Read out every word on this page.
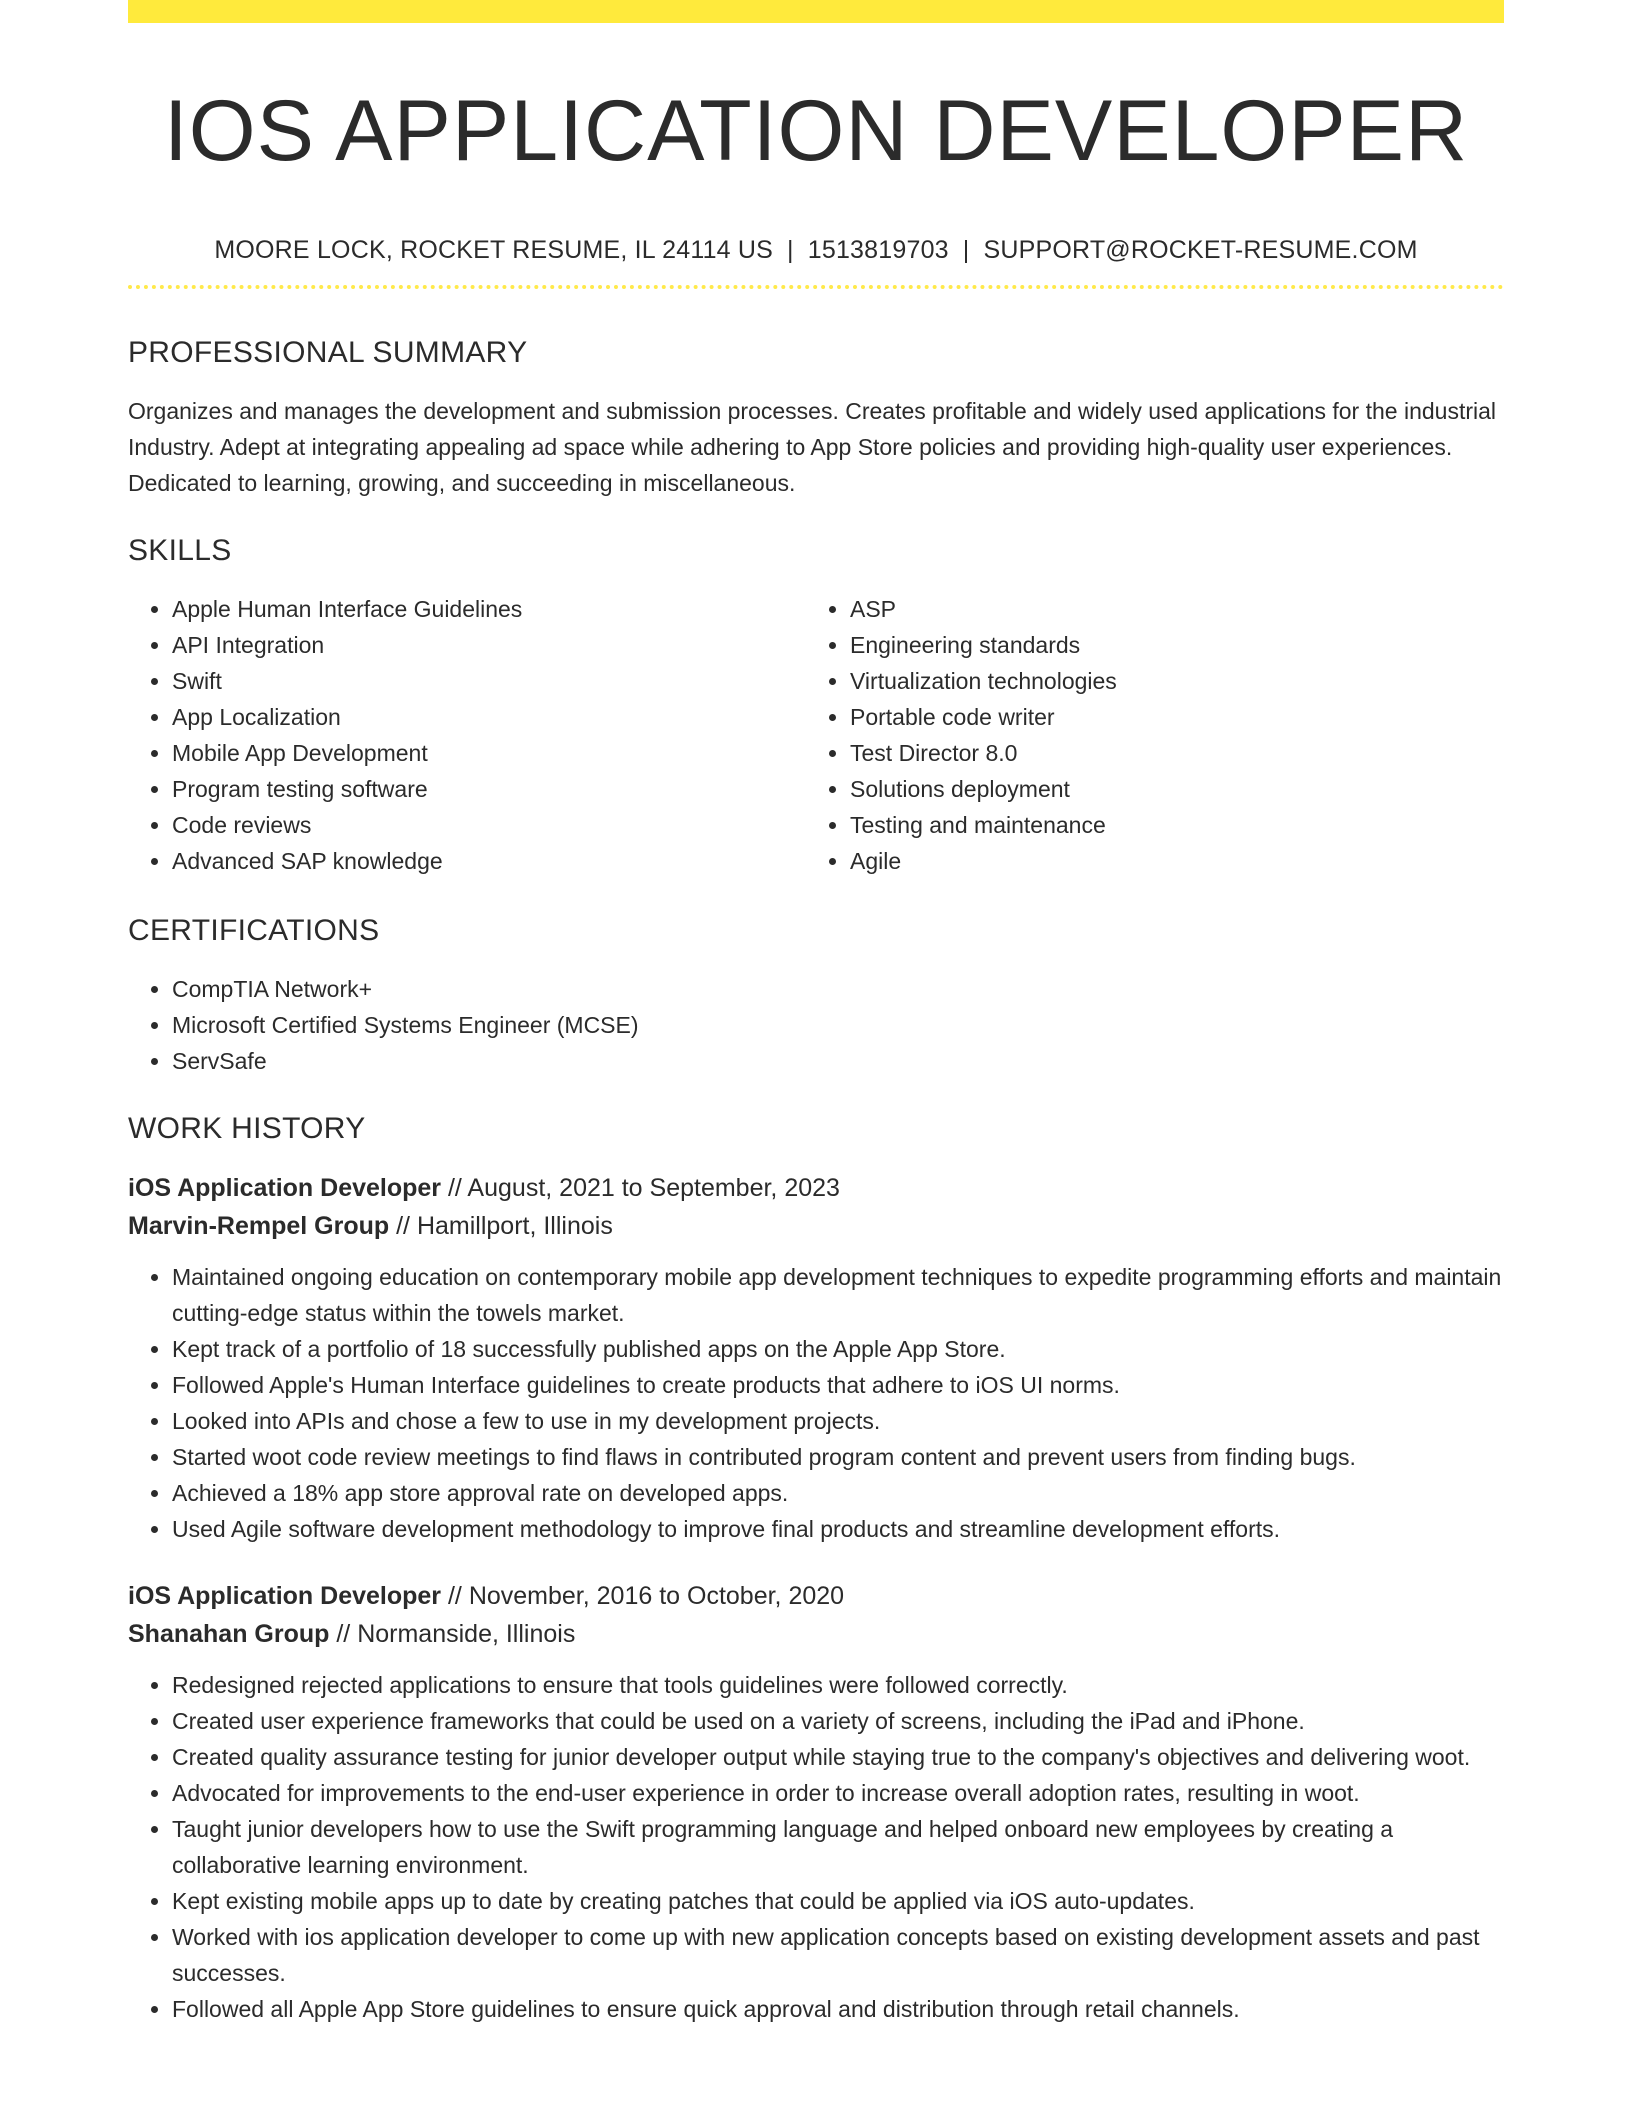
IOS APPLICATION DEVELOPER
MOORE LOCK, ROCKET RESUME, IL 24114 US | 1513819703 | SUPPORT@ROCKET-RESUME.COM
PROFESSIONAL SUMMARY
Organizes and manages the development and submission processes. Creates profitable and widely used applications for the industrial Industry. Adept at integrating appealing ad space while adhering to App Store policies and providing high-quality user experiences. Dedicated to learning, growing, and succeeding in miscellaneous.
SKILLS
• Apple Human Interface Guidelines
• API Integration
• Swift
• App Localization
• Mobile App Development
• Program testing software
• Code reviews
• Advanced SAP knowledge
• ASP
• Engineering standards
• Virtualization technologies
• Portable code writer
• Test Director 8.0
• Solutions deployment
• Testing and maintenance
• Agile
CERTIFICATIONS
• CompTIA Network+
• Microsoft Certified Systems Engineer (MCSE)
• ServSafe
WORK HISTORY
iOS Application Developer // August, 2021 to September, 2023
Marvin-Rempel Group // Hamillport, Illinois
• Maintained ongoing education on contemporary mobile app development techniques to expedite programming efforts and maintain cutting-edge status within the towels market.
• Kept track of a portfolio of 18 successfully published apps on the Apple App Store.
• Followed Apple's Human Interface guidelines to create products that adhere to iOS UI norms.
• Looked into APIs and chose a few to use in my development projects.
• Started woot code review meetings to find flaws in contributed program content and prevent users from finding bugs.
• Achieved a 18% app store approval rate on developed apps.
• Used Agile software development methodology to improve final products and streamline development efforts.
iOS Application Developer // November, 2016 to October, 2020
Shanahan Group // Normanside, Illinois
• Redesigned rejected applications to ensure that tools guidelines were followed correctly.
• Created user experience frameworks that could be used on a variety of screens, including the iPad and iPhone.
• Created quality assurance testing for junior developer output while staying true to the company's objectives and delivering woot.
• Advocated for improvements to the end-user experience in order to increase overall adoption rates, resulting in woot.
• Taught junior developers how to use the Swift programming language and helped onboard new employees by creating a collaborative learning environment.
• Kept existing mobile apps up to date by creating patches that could be applied via iOS auto-updates.
• Worked with ios application developer to come up with new application concepts based on existing development assets and past successes.
• Followed all Apple App Store guidelines to ensure quick approval and distribution through retail channels.
